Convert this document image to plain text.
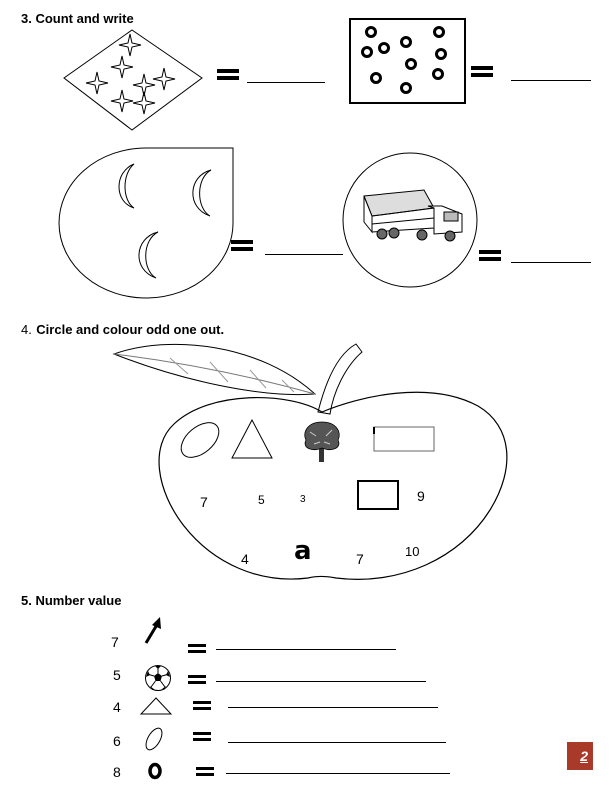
3. Count and write
4. Circle and colour odd one out.
7	5	3	9
4 a	7	10
5. Number value
7
5
4
6
8
2
